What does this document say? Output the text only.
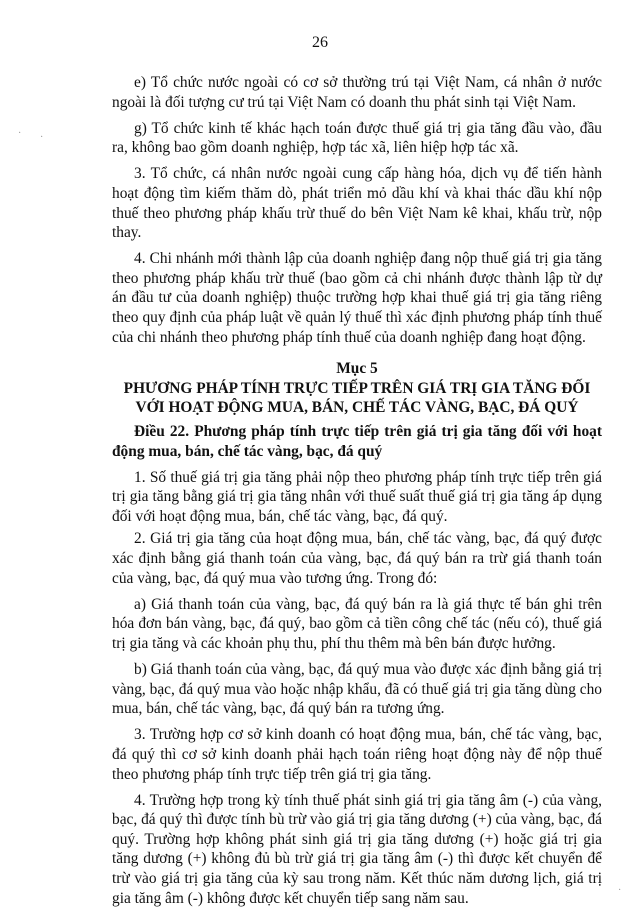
26
· ·
·

e) Tổ chức nước ngoài có cơ sở thường trú tại Việt Nam, cá nhân ở nước ngoài là đối tượng cư trú tại Việt Nam có doanh thu phát sinh tại Việt Nam.

g) Tổ chức kinh tế khác hạch toán được thuế giá trị gia tăng đầu vào, đầu ra, không bao gồm doanh nghiệp, hợp tác xã, liên hiệp hợp tác xã.

3. Tổ chức, cá nhân nước ngoài cung cấp hàng hóa, dịch vụ để tiến hành hoạt động tìm kiếm thăm dò, phát triển mỏ dầu khí và khai thác dầu khí nộp thuế theo phương pháp khấu trừ thuế do bên Việt Nam kê khai, khấu trừ, nộp thay.

4. Chi nhánh mới thành lập của doanh nghiệp đang nộp thuế giá trị gia tăng theo phương pháp khấu trừ thuế (bao gồm cả chi nhánh được thành lập từ dự án đầu tư của doanh nghiệp) thuộc trường hợp khai thuế giá trị gia tăng riêng theo quy định của pháp luật về quản lý thuế thì xác định phương pháp tính thuế của chi nhánh theo phương pháp tính thuế của doanh nghiệp đang hoạt động.

Mục 5
PHƯƠNG PHÁP TÍNH TRỰC TIẾP TRÊN GIÁ TRỊ GIA TĂNG ĐỐI
VỚI HOẠT ĐỘNG MUA, BÁN, CHẾ TÁC VÀNG, BẠC, ĐÁ QUÝ

Điều 22. Phương pháp tính trực tiếp trên giá trị gia tăng đối với hoạt động mua, bán, chế tác vàng, bạc, đá quý

1. Số thuế giá trị gia tăng phải nộp theo phương pháp tính trực tiếp trên giá trị gia tăng bằng giá trị gia tăng nhân với thuế suất thuế giá trị gia tăng áp dụng đối với hoạt động mua, bán, chế tác vàng, bạc, đá quý.

2. Giá trị gia tăng của hoạt động mua, bán, chế tác vàng, bạc, đá quý được xác định bằng giá thanh toán của vàng, bạc, đá quý bán ra trừ giá thanh toán của vàng, bạc, đá quý mua vào tương ứng. Trong đó:

a) Giá thanh toán của vàng, bạc, đá quý bán ra là giá thực tế bán ghi trên hóa đơn bán vàng, bạc, đá quý, bao gồm cả tiền công chế tác (nếu có), thuế giá trị gia tăng và các khoản phụ thu, phí thu thêm mà bên bán được hưởng.

b) Giá thanh toán của vàng, bạc, đá quý mua vào được xác định bằng giá trị vàng, bạc, đá quý mua vào hoặc nhập khẩu, đã có thuế giá trị gia tăng dùng cho mua, bán, chế tác vàng, bạc, đá quý bán ra tương ứng.

3. Trường hợp cơ sở kinh doanh có hoạt động mua, bán, chế tác vàng, bạc, đá quý thì cơ sở kinh doanh phải hạch toán riêng hoạt động này để nộp thuế theo phương pháp tính trực tiếp trên giá trị gia tăng.

4. Trường hợp trong kỳ tính thuế phát sinh giá trị gia tăng âm (-) của vàng, bạc, đá quý thì được tính bù trừ vào giá trị gia tăng dương (+) của vàng, bạc, đá quý. Trường hợp không phát sinh giá trị gia tăng dương (+) hoặc giá trị gia tăng dương (+) không đủ bù trừ giá trị gia tăng âm (-) thì được kết chuyển để trừ vào giá trị gia tăng của kỳ sau trong năm. Kết thúc năm dương lịch, giá trị gia tăng âm (-) không được kết chuyển tiếp sang năm sau.
